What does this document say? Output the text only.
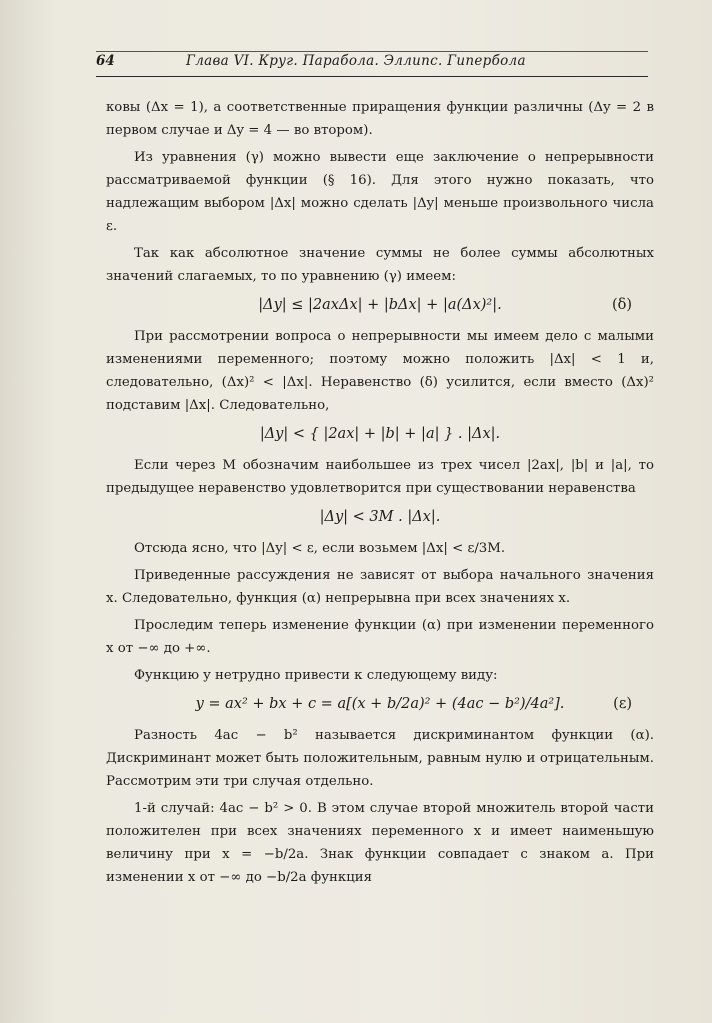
64	Глава VI. Круг. Парабола. Эллипс. Гипербола

ковы (Δx = 1), а соответственные приращения функции различны (Δy = 2 в первом случае и Δy = 4 — во втором).

Из уравнения (γ) можно вывести еще заключение о непрерывности рассматриваемой функции (§ 16). Для этого нужно показать, что надлежащим выбором |Δx| можно сделать |Δy| меньше произвольного числа ε.

Так как абсолютное значение суммы не более суммы абсолютных значений слагаемых, то по уравнению (γ) имеем:

|Δy| ≤ |2axΔx| + |bΔx| + |a(Δx)²|.	(δ)

При рассмотрении вопроса о непрерывности мы имеем дело с малыми изменениями переменного; поэтому можно положить |Δx| < 1 и, следовательно, (Δx)² < |Δx|. Неравенство (δ) усилится, если вместо (Δx)² подставим |Δx|. Следовательно,

|Δy| < { |2ax| + |b| + |a| } . |Δx|.

Если через M обозначим наибольшее из трех чисел |2ax|, |b| и |a|, то предыдущее неравенство удовлетворится при существовании неравенства

|Δy| < 3M . |Δx|.

Отсюда ясно, что |Δy| < ε, если возьмем |Δx| < ε/3M.

Приведенные рассуждения не зависят от выбора начального значения x. Следовательно, функция (α) непрерывна при всех значениях x.

Проследим теперь изменение функции (α) при изменении переменного x от −∞ до +∞.

Функцию y нетрудно привести к следующему виду:

y = ax² + bx + c = a[(x + b/2a)² + (4ac − b²)/4a²].	(ε)

Разность 4ac − b² называется дискриминантом функции (α). Дискриминант может быть положительным, равным нулю и отрицательным. Рассмотрим эти три случая отдельно.

1-й случай: 4ac − b² > 0. В этом случае второй множитель второй части положителен при всех значениях переменного x и имеет наименьшую величину при x = −b/2a. Знак функции совпадает с знаком a. При изменении x от −∞ до −b/2a функция
